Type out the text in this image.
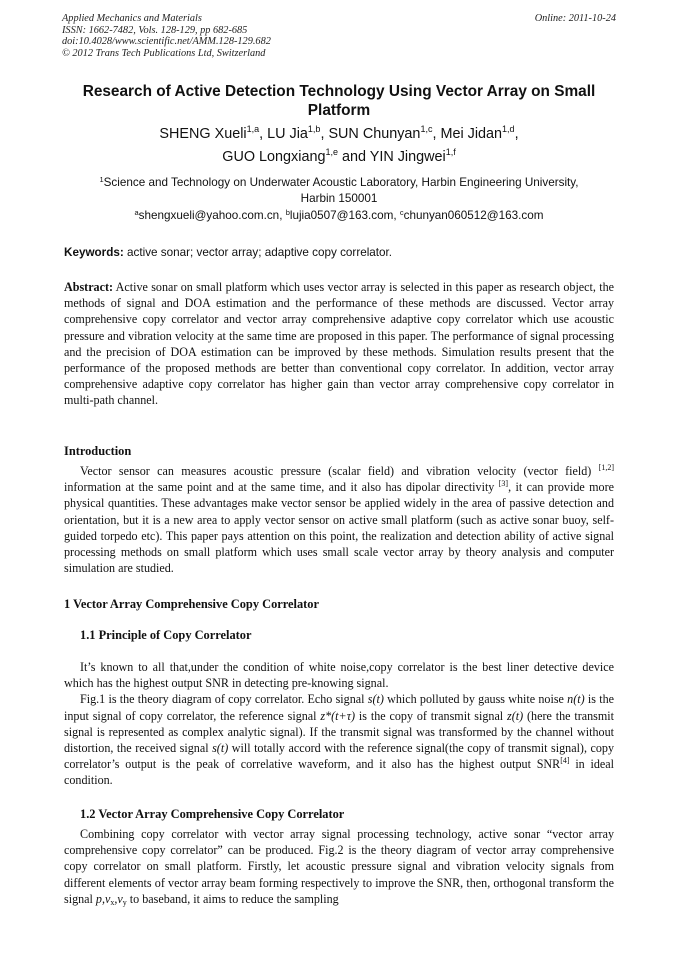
Applied Mechanics and Materials
ISSN: 1662-7482, Vols. 128-129, pp 682-685
doi:10.4028/www.scientific.net/AMM.128-129.682
© 2012 Trans Tech Publications Ltd, Switzerland
Online: 2011-10-24
Research of Active Detection Technology Using Vector Array on Small Platform
SHENG Xueli$^{1,a}$, LU Jia$^{1,b}$, SUN Chunyan$^{1,c}$, Mei Jidan$^{1,d}$,
GUO Longxiang$^{1,e}$ and YIN Jingwei$^{1,f}$
$^1$Science and Technology on Underwater Acoustic Laboratory, Harbin Engineering University,
Harbin 150001
$^a$shengxueli@yahoo.com.cn, $^b$lujia0507@163.com, $^c$chunyan060512@163.com
Keywords: active sonar; vector array; adaptive copy correlator.

Abstract: Active sonar on small platform which uses vector array is selected in this paper as research object, the methods of signal and DOA estimation and the performance of these methods are discussed. Vector array comprehensive copy correlator and vector array comprehensive adaptive copy correlator which use acoustic pressure and vibration velocity at the same time are proposed in this paper. The performance of signal processing and the precision of DOA estimation can be improved by these methods. Simulation results present that the performance of the proposed methods are better than conventional copy correlator. In addition, vector array comprehensive adaptive copy correlator has higher gain than vector array comprehensive copy correlator in multi-path channel.

Introduction

Vector sensor can measures acoustic pressure (scalar field) and vibration velocity (vector field) [1,2] information at the same point and at the same time, and it also has dipolar directivity [3], it can provide more physical quantities. These advantages make vector sensor be applied widely in the area of passive detection and orientation, but it is a new area to apply vector sensor on active small platform (such as active sonar buoy, self-guided torpedo etc). This paper pays attention on this point, the realization and detection ability of active signal processing methods on small platform which uses small scale vector array by theory analysis and computer simulation are studied.

1 Vector Array Comprehensive Copy Correlator
1.1 Principle of Copy Correlator

It’s known to all that,under the condition of white noise,copy correlator is the best liner detective device which has the highest output SNR in detecting pre-knowing signal.

Fig.1 is the theory diagram of copy correlator. Echo signal s(t) which polluted by gauss white noise n(t) is the input signal of copy correlator, the reference signal z*(t+τ) is the copy of transmit signal z(t) (here the transmit signal is represented as complex analytic signal). If the transmit signal was transformed by the channel without distortion, the received signal s(t) will totally accord with the reference signal(the copy of transmit signal), copy correlator’s output is the peak of correlative waveform, and it also has the highest output SNR[4] in ideal condition.

1.2 Vector Array Comprehensive Copy Correlator

Combining copy correlator with vector array signal processing technology, active sonar “vector array comprehensive copy correlator” can be produced. Fig.2 is the theory diagram of vector array comprehensive copy correlator on small platform. Firstly, let acoustic pressure signal and vibration velocity signals from different elements of vector array beam forming respectively to improve the SNR, then, orthogonal transform the signal $p,v_x,v_y$ to baseband, it aims to reduce the sampling
